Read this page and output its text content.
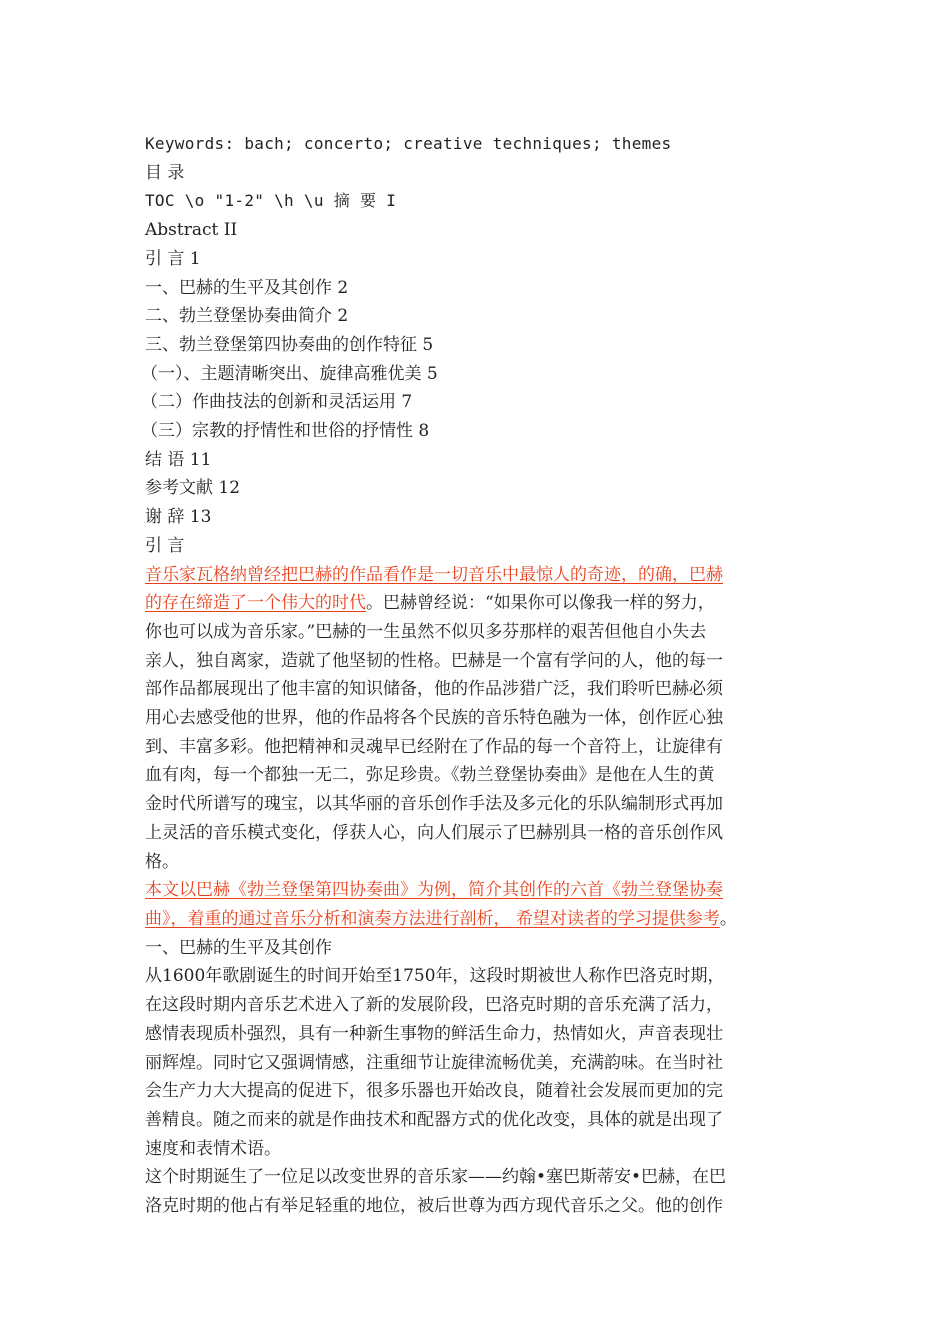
Keywords: bach; concerto; creative techniques; themes
目 录
TOC \o "1-2" \h \u 摘 要 I
Abstract II
引 言 1
一、巴赫的生平及其创作 2
二、勃兰登堡协奏曲简介 2
三、勃兰登堡第四协奏曲的创作特征 5
（一）、主题清晰突出、旋律高雅优美 5
（二）作曲技法的创新和灵活运用 7
（三）宗教的抒情性和世俗的抒情性 8
结 语 11
参考文献 12
谢 辞 13
引 言
音乐家瓦格纳曾经把巴赫的作品看作是一切音乐中最惊人的奇迹，的确，巴赫
的存在缔造了一个伟大的时代。巴赫曾经说：“如果你可以像我一样的努力，
你也可以成为音乐家。”巴赫的一生虽然不似贝多芬那样的艰苦但他自小失去
亲人，独自离家，造就了他坚韧的性格。巴赫是一个富有学问的人，他的每一
部作品都展现出了他丰富的知识储备，他的作品涉猎广泛，我们聆听巴赫必须
用心去感受他的世界，他的作品将各个民族的音乐特色融为一体，创作匠心独
到、丰富多彩。他把精神和灵魂早已经附在了作品的每一个音符上，让旋律有
血有肉，每一个都独一无二，弥足珍贵。《勃兰登堡协奏曲》是他在人生的黄
金时代所谱写的瑰宝，以其华丽的音乐创作手法及多元化的乐队编制形式再加
上灵活的音乐模式变化，俘获人心，向人们展示了巴赫别具一格的音乐创作风
格。
本文以巴赫《勃兰登堡第四协奏曲》为例，简介其创作的六首《勃兰登堡协奏
曲》，着重的通过音乐分析和演奏方法进行剖析， 希望对读者的学习提供参考。
一、巴赫的生平及其创作
从1600年歌剧诞生的时间开始至1750年，这段时期被世人称作巴洛克时期，
在这段时期内音乐艺术进入了新的发展阶段，巴洛克时期的音乐充满了活力，
感情表现质朴强烈，具有一种新生事物的鲜活生命力，热情如火，声音表现壮
丽辉煌。同时它又强调情感，注重细节让旋律流畅优美，充满韵味。在当时社
会生产力大大提高的促进下，很多乐器也开始改良，随着社会发展而更加的完
善精良。随之而来的就是作曲技术和配器方式的优化改变，具体的就是出现了
速度和表情术语。
这个时期诞生了一位足以改变世界的音乐家——约翰•塞巴斯蒂安•巴赫，在巴
洛克时期的他占有举足轻重的地位，被后世尊为西方现代音乐之父。他的创作
